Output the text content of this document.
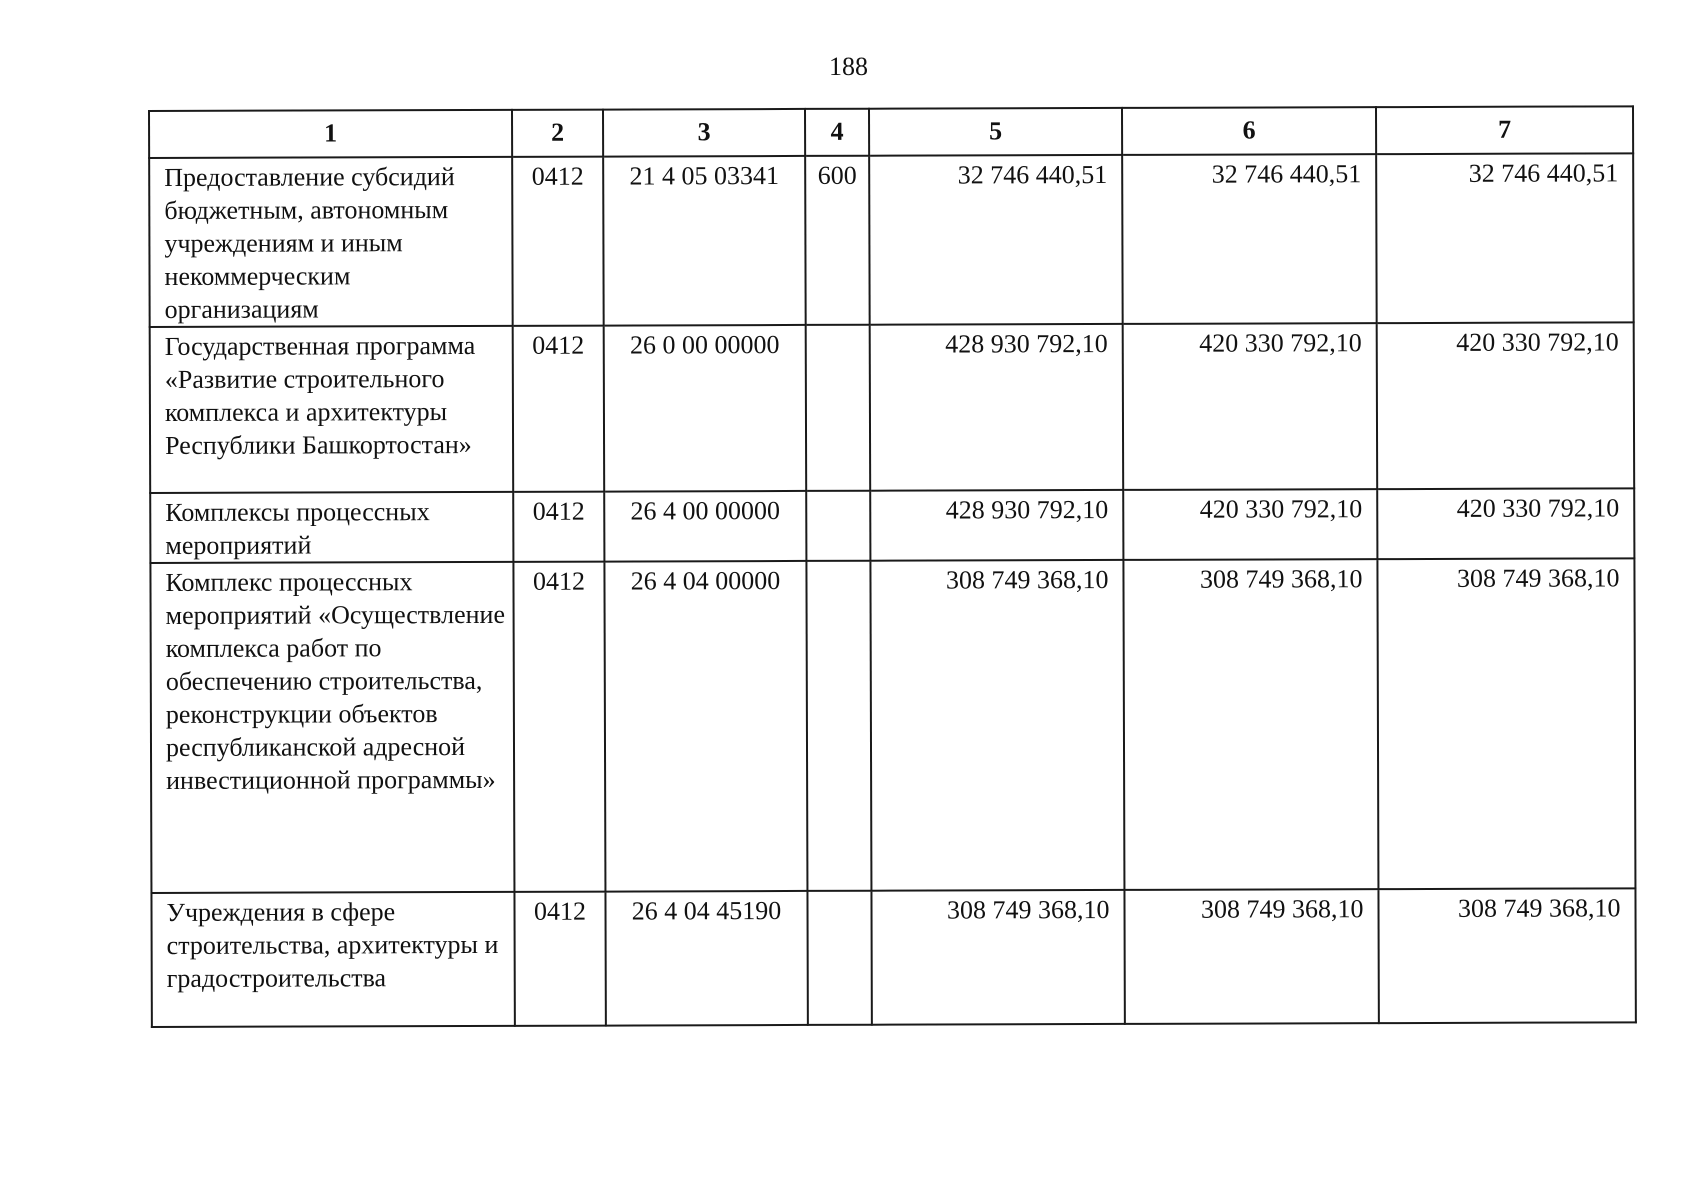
188
1	2	3	4	5	6	7
Предоставление субсидий бюджетным, автономным учреждениям и иным некоммерческим организациям	0412	21 4 05 03341	600	32 746 440,51	32 746 440,51	32 746 440,51
Государственная программа «Развитие строительного комплекса и архитектуры Республики Башкортостан»	0412	26 0 00 00000		428 930 792,10	420 330 792,10	420 330 792,10
Комплексы процессных мероприятий	0412	26 4 00 00000		428 930 792,10	420 330 792,10	420 330 792,10
Комплекс процессных мероприятий «Осуществление комплекса работ по обеспечению строительства, реконструкции объектов республиканской адресной инвестиционной программы»	0412	26 4 04 00000		308 749 368,10	308 749 368,10	308 749 368,10
Учреждения в сфере строительства, архитектуры и градостроительства	0412	26 4 04 45190		308 749 368,10	308 749 368,10	308 749 368,10
